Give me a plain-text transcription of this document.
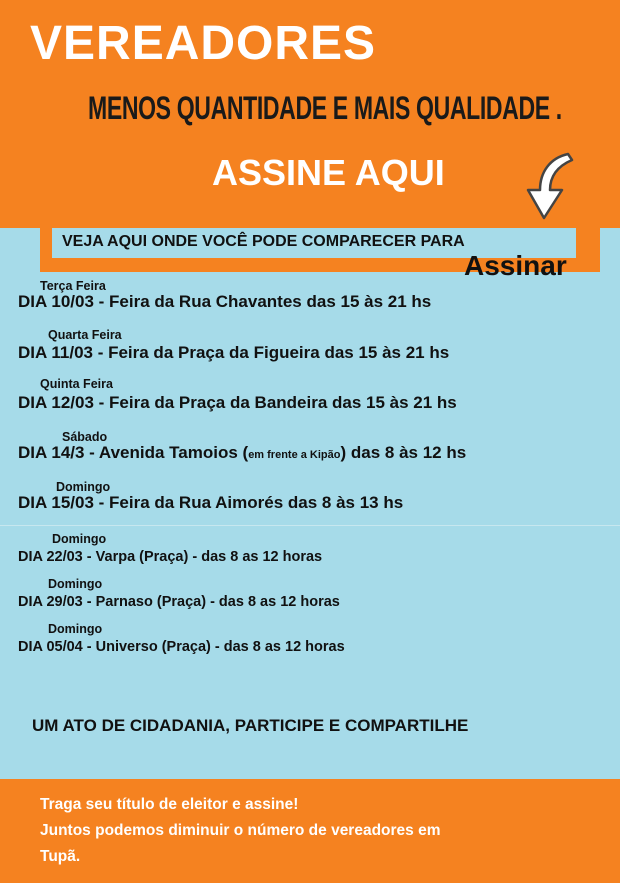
VEREADORES
MENOS QUANTIDADE E MAIS QUALIDADE .
ASSINE AQUI
VEJA AQUI ONDE VOCÊ PODE COMPARECER PARA
Assinar
Terça Feira
DIA 10/03 - Feira da Rua Chavantes das 15 às 21 hs
Quarta Feira
DIA 11/03 - Feira da Praça da Figueira das 15 às 21 hs
Quinta Feira
DIA 12/03 - Feira da Praça da Bandeira das 15 às 21 hs
Sábado
DIA 14/3 - Avenida Tamoios (em frente a Kipão) das 8 às 12 hs
Domingo
DIA 15/03 - Feira da Rua Aimorés das 8 às 13 hs
Domingo
DIA 22/03 - Varpa (Praça) - das 8 as 12 horas
Domingo
DIA 29/03 - Parnaso (Praça) - das 8 as 12 horas
Domingo
DIA 05/04 - Universo (Praça) - das 8 as 12 horas
UM ATO DE CIDADANIA, PARTICIPE E COMPARTILHE
Traga seu título de eleitor e assine!
Juntos podemos diminuir o número de vereadores em
Tupã.
